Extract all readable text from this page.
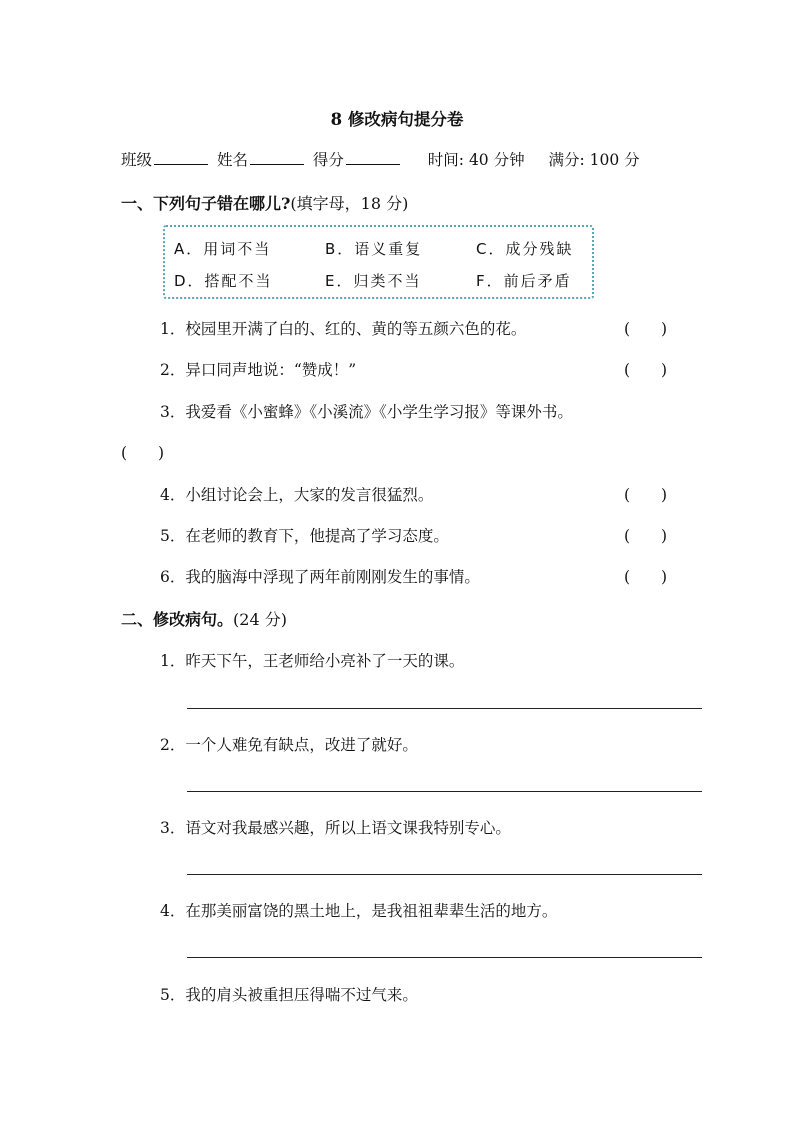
8 修改病句提分卷
班级	姓名	得分	时间: 40 分钟 满分: 100 分
一、下列句子错在哪儿?(填字母，18 分)
A．用词不当	B．语义重复	C．成分残缺
D．搭配不当	E．归类不当	F．前后矛盾
1．校园里开满了白的、红的、黄的等五颜六色的花。	(　　)
2．异口同声地说：“赞成！”	(　　)
3．我爱看《小蜜蜂》《小溪流》《小学生学习报》等课外书。
(　　)
4．小组讨论会上，大家的发言很猛烈。	(　　)
5．在老师的教育下，他提高了学习态度。	(　　)
6．我的脑海中浮现了两年前刚刚发生的事情。	(　　)
二、修改病句。(24 分)
1．昨天下午，王老师给小亮补了一天的课。
2．一个人难免有缺点，改进了就好。
3．语文对我最感兴趣，所以上语文课我特别专心。
4．在那美丽富饶的黑土地上，是我祖祖辈辈生活的地方。
5．我的肩头被重担压得喘不过气来。
